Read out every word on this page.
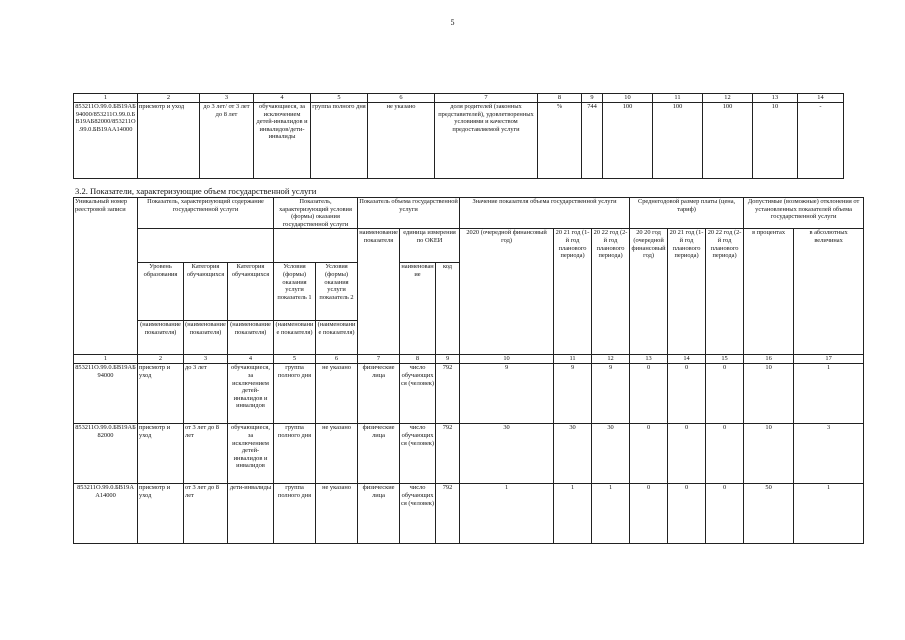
5
1	2	3	4	5	6	7	8	9	10	11	12	13	14
853211О.99.0.БВ19АБ94000/853211О.99.0.БВ19АБ82000/853211О.99.0.БВ19АА14000	присмотр и уход	до 3 лет/ от 3 лет до 8 лет	обучающиеся, за исключением детей-инвалидов и инвалидов/дети-инвалиды	группа полного дня	не указано	доля родителей (законных представителей), удовлетворенных условиями и качеством предоставляемой услуги	%	744	100	100	100	10	-
3.2. Показатели, характеризующие объем государственной услуги
Уникальный номер реестровой записи	Показатель, характеризующий содержание государственной услуги			Показатель, характеризующий условия (формы) оказания государственной услуги		Показатель объема государственной услуги			Значение показателя объема государственной услуги			Среднегодовой размер платы (цена, тариф)			Допустимые (возможные) отклонения от установленных показателей объема государственной услуги	
						наименование показателя	единица измерения по ОКЕИ		2020 (очередной финансовый год)	20 21 год (1-й год планового периода)	20 22 год (2-й год планового периода)	20 20 год (очередной финансовый год)	20 21 год (1-й год планового периода)	20 22 год (2-й год планового периода)	в процентах	в абсолютных величинах
	Уровень образования	Категория обучающихся	Категория обучающихся	Условия (формы) оказания услуги показатель 1	Условия (формы) оказания услуги показатель 2		наименование	код								
	(наименование показателя)	(наименование показателя)	(наименование показателя)	(наименование показателя)	(наименование показателя)											
1	2	3	4	5	6	7	8	9	10	11	12	13	14	15	16	17
853211О.99.0.БВ19АБ94000	присмотр и уход	до 3 лет	обучающиеся, за исключением детей-инвалидов и инвалидов	группа полного дня	не указано	физические лица	число обучающихся (человек)	792	9	9	9	0	0	0	10	1
853211О.99.0.БВ19АБ82000	присмотр и уход	от 3 лет до 8 лет	обучающиеся, за исключением детей-инвалидов и инвалидов	группа полного дня	не указано	физические лица	число обучающихся (человек)	792	30	30	30	0	0	0	10	3
853211О.99.0.БВ19АА14000	присмотр и уход	от 3 лет до 8 лет	дети-инвалиды	группа полного дня	не указано	физические лица	число обучающихся (человек)	792	1	1	1	0	0	0	50	1
